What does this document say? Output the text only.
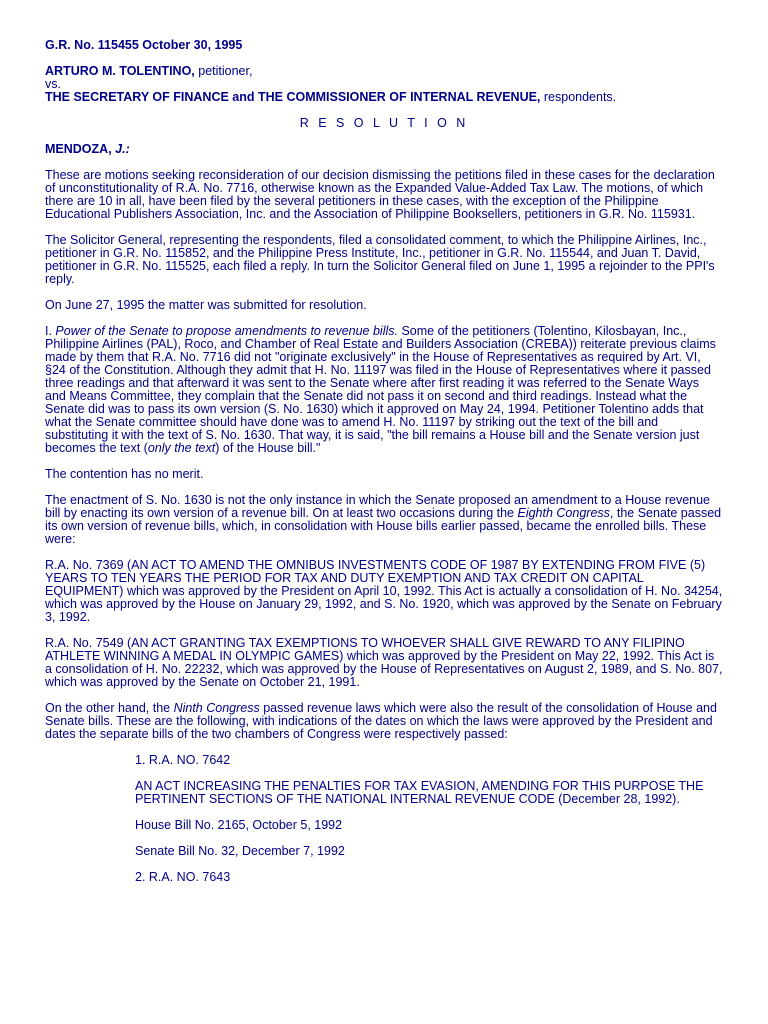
G.R. No. 115455 October 30, 1995

ARTURO M. TOLENTINO, petitioner,
vs.
THE SECRETARY OF FINANCE and THE COMMISSIONER OF INTERNAL REVENUE, respondents.

R E S O L U T I O N

MENDOZA, J.:

These are motions seeking reconsideration of our decision dismissing the petitions filed in these cases for the declaration of unconstitutionality of R.A. No. 7716, otherwise known as the Expanded Value-Added Tax Law. The motions, of which there are 10 in all, have been filed by the several petitioners in these cases, with the exception of the Philippine Educational Publishers Association, Inc. and the Association of Philippine Booksellers, petitioners in G.R. No. 115931.

The Solicitor General, representing the respondents, filed a consolidated comment, to which the Philippine Airlines, Inc., petitioner in G.R. No. 115852, and the Philippine Press Institute, Inc., petitioner in G.R. No. 115544, and Juan T. David, petitioner in G.R. No. 115525, each filed a reply. In turn the Solicitor General filed on June 1, 1995 a rejoinder to the PPI's reply.

On June 27, 1995 the matter was submitted for resolution.

I. Power of the Senate to propose amendments to revenue bills. Some of the petitioners (Tolentino, Kilosbayan, Inc., Philippine Airlines (PAL), Roco, and Chamber of Real Estate and Builders Association (CREBA)) reiterate previous claims made by them that R.A. No. 7716 did not "originate exclusively" in the House of Representatives as required by Art. VI, §24 of the Constitution. Although they admit that H. No. 11197 was filed in the House of Representatives where it passed three readings and that afterward it was sent to the Senate where after first reading it was referred to the Senate Ways and Means Committee, they complain that the Senate did not pass it on second and third readings. Instead what the Senate did was to pass its own version (S. No. 1630) which it approved on May 24, 1994. Petitioner Tolentino adds that what the Senate committee should have done was to amend H. No. 11197 by striking out the text of the bill and substituting it with the text of S. No. 1630. That way, it is said, "the bill remains a House bill and the Senate version just becomes the text (only the text) of the House bill."

The contention has no merit.

The enactment of S. No. 1630 is not the only instance in which the Senate proposed an amendment to a House revenue bill by enacting its own version of a revenue bill. On at least two occasions during the Eighth Congress, the Senate passed its own version of revenue bills, which, in consolidation with House bills earlier passed, became the enrolled bills. These were:

R.A. No. 7369 (AN ACT TO AMEND THE OMNIBUS INVESTMENTS CODE OF 1987 BY EXTENDING FROM FIVE (5) YEARS TO TEN YEARS THE PERIOD FOR TAX AND DUTY EXEMPTION AND TAX CREDIT ON CAPITAL EQUIPMENT) which was approved by the President on April 10, 1992. This Act is actually a consolidation of H. No. 34254, which was approved by the House on January 29, 1992, and S. No. 1920, which was approved by the Senate on February 3, 1992.

R.A. No. 7549 (AN ACT GRANTING TAX EXEMPTIONS TO WHOEVER SHALL GIVE REWARD TO ANY FILIPINO ATHLETE WINNING A MEDAL IN OLYMPIC GAMES) which was approved by the President on May 22, 1992. This Act is a consolidation of H. No. 22232, which was approved by the House of Representatives on August 2, 1989, and S. No. 807, which was approved by the Senate on October 21, 1991.

On the other hand, the Ninth Congress passed revenue laws which were also the result of the consolidation of House and Senate bills. These are the following, with indications of the dates on which the laws were approved by the President and dates the separate bills of the two chambers of Congress were respectively passed:

1. R.A. NO. 7642

AN ACT INCREASING THE PENALTIES FOR TAX EVASION, AMENDING FOR THIS PURPOSE THE PERTINENT SECTIONS OF THE NATIONAL INTERNAL REVENUE CODE (December 28, 1992).

House Bill No. 2165, October 5, 1992

Senate Bill No. 32, December 7, 1992

2. R.A. NO. 7643
